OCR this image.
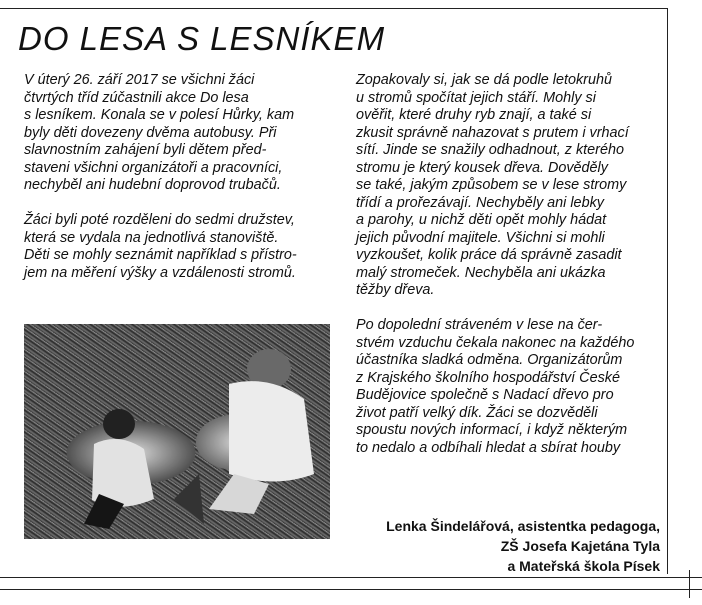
DO LESA S LESNÍKEM
V úterý 26. září 2017 se všichni žáci
čtvrtých tříd zúčastnili akce Do lesa
s lesníkem. Konala se v polesí Hůrky, kam
byly děti dovezeny dvěma autobusy. Při
slavnostním zahájení byli dětem před-
staveni všichni organizátoři a pracovníci,
nechyběl ani hudební doprovod trubačů.
Žáci byli poté rozděleni do sedmi družstev,
která se vydala na jednotlivá stanoviště.
Děti se mohly seznámit například s přístro-
jem na měření výšky a vzdálenosti stromů.
Zopakovaly si, jak se dá podle letokruhů
u stromů spočítat jejich stáří. Mohly si
ověřit, které druhy ryb znají, a také si
zkusit správně nahazovat s prutem i vrhací
sítí. Jinde se snažily odhadnout, z kterého
stromu je který kousek dřeva. Dověděly
se také, jakým způsobem se v lese stromy
třídí a prořezávají. Nechyběly ani lebky
a parohy, u nichž děti opět mohly hádat
jejich původní majitele. Všichni si mohli
vyzkoušet, kolik práce dá správně zasadit
malý stromeček. Nechyběla ani ukázka
těžby dřeva.
Po dopolední stráveném v lese na čer-
stvém vzduchu čekala nakonec na každého
účastníka sladká odměna. Organizátorům
z Krajského školního hospodářství České
Budějovice společně s Nadací dřevo pro
život patří velký dík. Žáci se dozvěděli
spoustu nových informací, i když některým
to nedalo a odbíhali hledat a sbírat houby
Lenka Šindelářová, asistentka pedagoga,
ZŠ Josefa Kajetána Tyla
a Mateřská škola Písek
